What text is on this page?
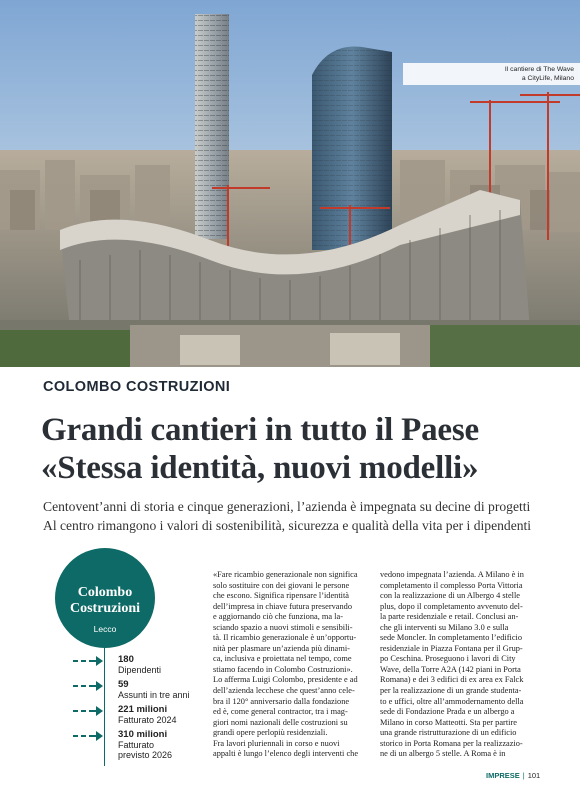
Il cantiere di The Wave
a CityLife, Milano
COLOMBO COSTRUZIONI
Grandi cantieri in tutto il Paese
«Stessa identità, nuovi modelli»
Centovent’anni di storia e cinque generazioni, l’azienda è impegnata su decine di progetti
Al centro rimangono i valori di sostenibilità, sicurezza e qualità della vita per i dipendenti
Colombo
Costruzioni
Lecco
180
Dipendenti
59
Assunti in tre anni
221 milioni
Fatturato 2024
310 milioni
Fatturato
previsto 2026
«Fare ricambio generazionale non significa
solo sostituire con dei giovani le persone
che escono. Significa ripensare l’identità
dell’impresa in chiave futura preservando
e aggiornando ciò che funziona, ma la-
sciando spazio a nuovi stimoli e sensibili-
tà. Il ricambio generazionale è un’opportu-
nità per plasmare un’azienda più dinami-
ca, inclusiva e proiettata nel tempo, come
stiamo facendo in Colombo Costruzioni».
Lo afferma Luigi Colombo, presidente e ad
dell’azienda lecchese che quest’anno cele-
bra il 120° anniversario dalla fondazione
ed è, come general contractor, tra i mag-
giori nomi nazionali delle costruzioni su
grandi opere perlopiù residenziali.
Fra lavori pluriennali in corso e nuovi
appalti è lungo l’elenco degli interventi che
vedono impegnata l’azienda. A Milano è in
completamento il complesso Porta Vittoria
con la realizzazione di un Albergo 4 stelle
plus, dopo il completamento avvenuto del-
la parte residenziale e retail. Conclusi an-
che gli interventi su Milano 3.0 e sulla
sede Moncler. In completamento l’edificio
residenziale in Piazza Fontana per il Grup-
po Ceschina. Proseguono i lavori di City
Wave, della Torre A2A (142 piani in Porta
Romana) e dei 3 edifici di ex area ex Falck
per la realizzazione di un grande studenta-
to e uffici, oltre all’ammodernamento della
sede di Fondazione Prada e un albergo a
Milano in corso Matteotti. Sta per partire
una grande ristrutturazione di un edificio
storico in Porta Romana per la realizzazio-
ne di un albergo 5 stelle. A Roma è in
IMPRESE | 101
